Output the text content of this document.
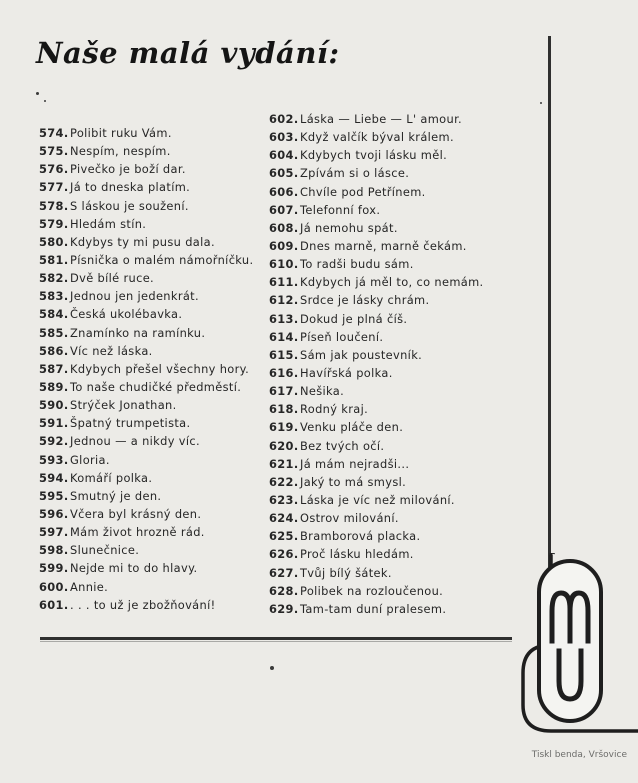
Naše malá vydání:
574.Polibit ruku Vám.
575.Nespím, nespím.
576.Pivečko je boží dar.
577.Já to dneska platím.
578.S láskou je soužení.
579.Hledám stín.
580.Kdybys ty mi pusu dala.
581.Písnička o malém námořníčku.
582.Dvě bílé ruce.
583.Jednou jen jedenkrát.
584.Česká ukolébavka.
585.Znamínko na ramínku.
586.Víc než láska.
587.Kdybych přešel všechny hory.
589.To naše chudičké předměstí.
590.Strýček Jonathan.
591.Špatný trumpetista.
592.Jednou — a nikdy víc.
593.Gloria.
594.Komáří polka.
595.Smutný je den.
596.Včera byl krásný den.
597.Mám život hrozně rád.
598.Slunečnice.
599.Nejde mi to do hlavy.
600.Annie.
601.. . . to už je zbožňování!
602.Láska — Liebe — L' amour.
603.Když valčík býval králem.
604.Kdybych tvoji lásku měl.
605.Zpívám si o lásce.
606.Chvíle pod Petřínem.
607.Telefonní fox.
608.Já nemohu spát.
609.Dnes marně, marně čekám.
610.To radši budu sám.
611.Kdybych já měl to, co nemám.
612.Srdce je lásky chrám.
613.Dokud je plná číš.
614.Píseň loučení.
615.Sám jak poustevník.
616.Havířská polka.
617.Nešika.
618.Rodný kraj.
619.Venku pláče den.
620.Bez tvých očí.
621.Já mám nejradši...
622.Jaký to má smysl.
623.Láska je víc než milování.
624.Ostrov milování.
625.Bramborová placka.
626.Proč lásku hledám.
627.Tvůj bílý šátek.
628.Polibek na rozloučenou.
629.Tam-tam duní pralesem.
Tiskl benda, Vršovice
